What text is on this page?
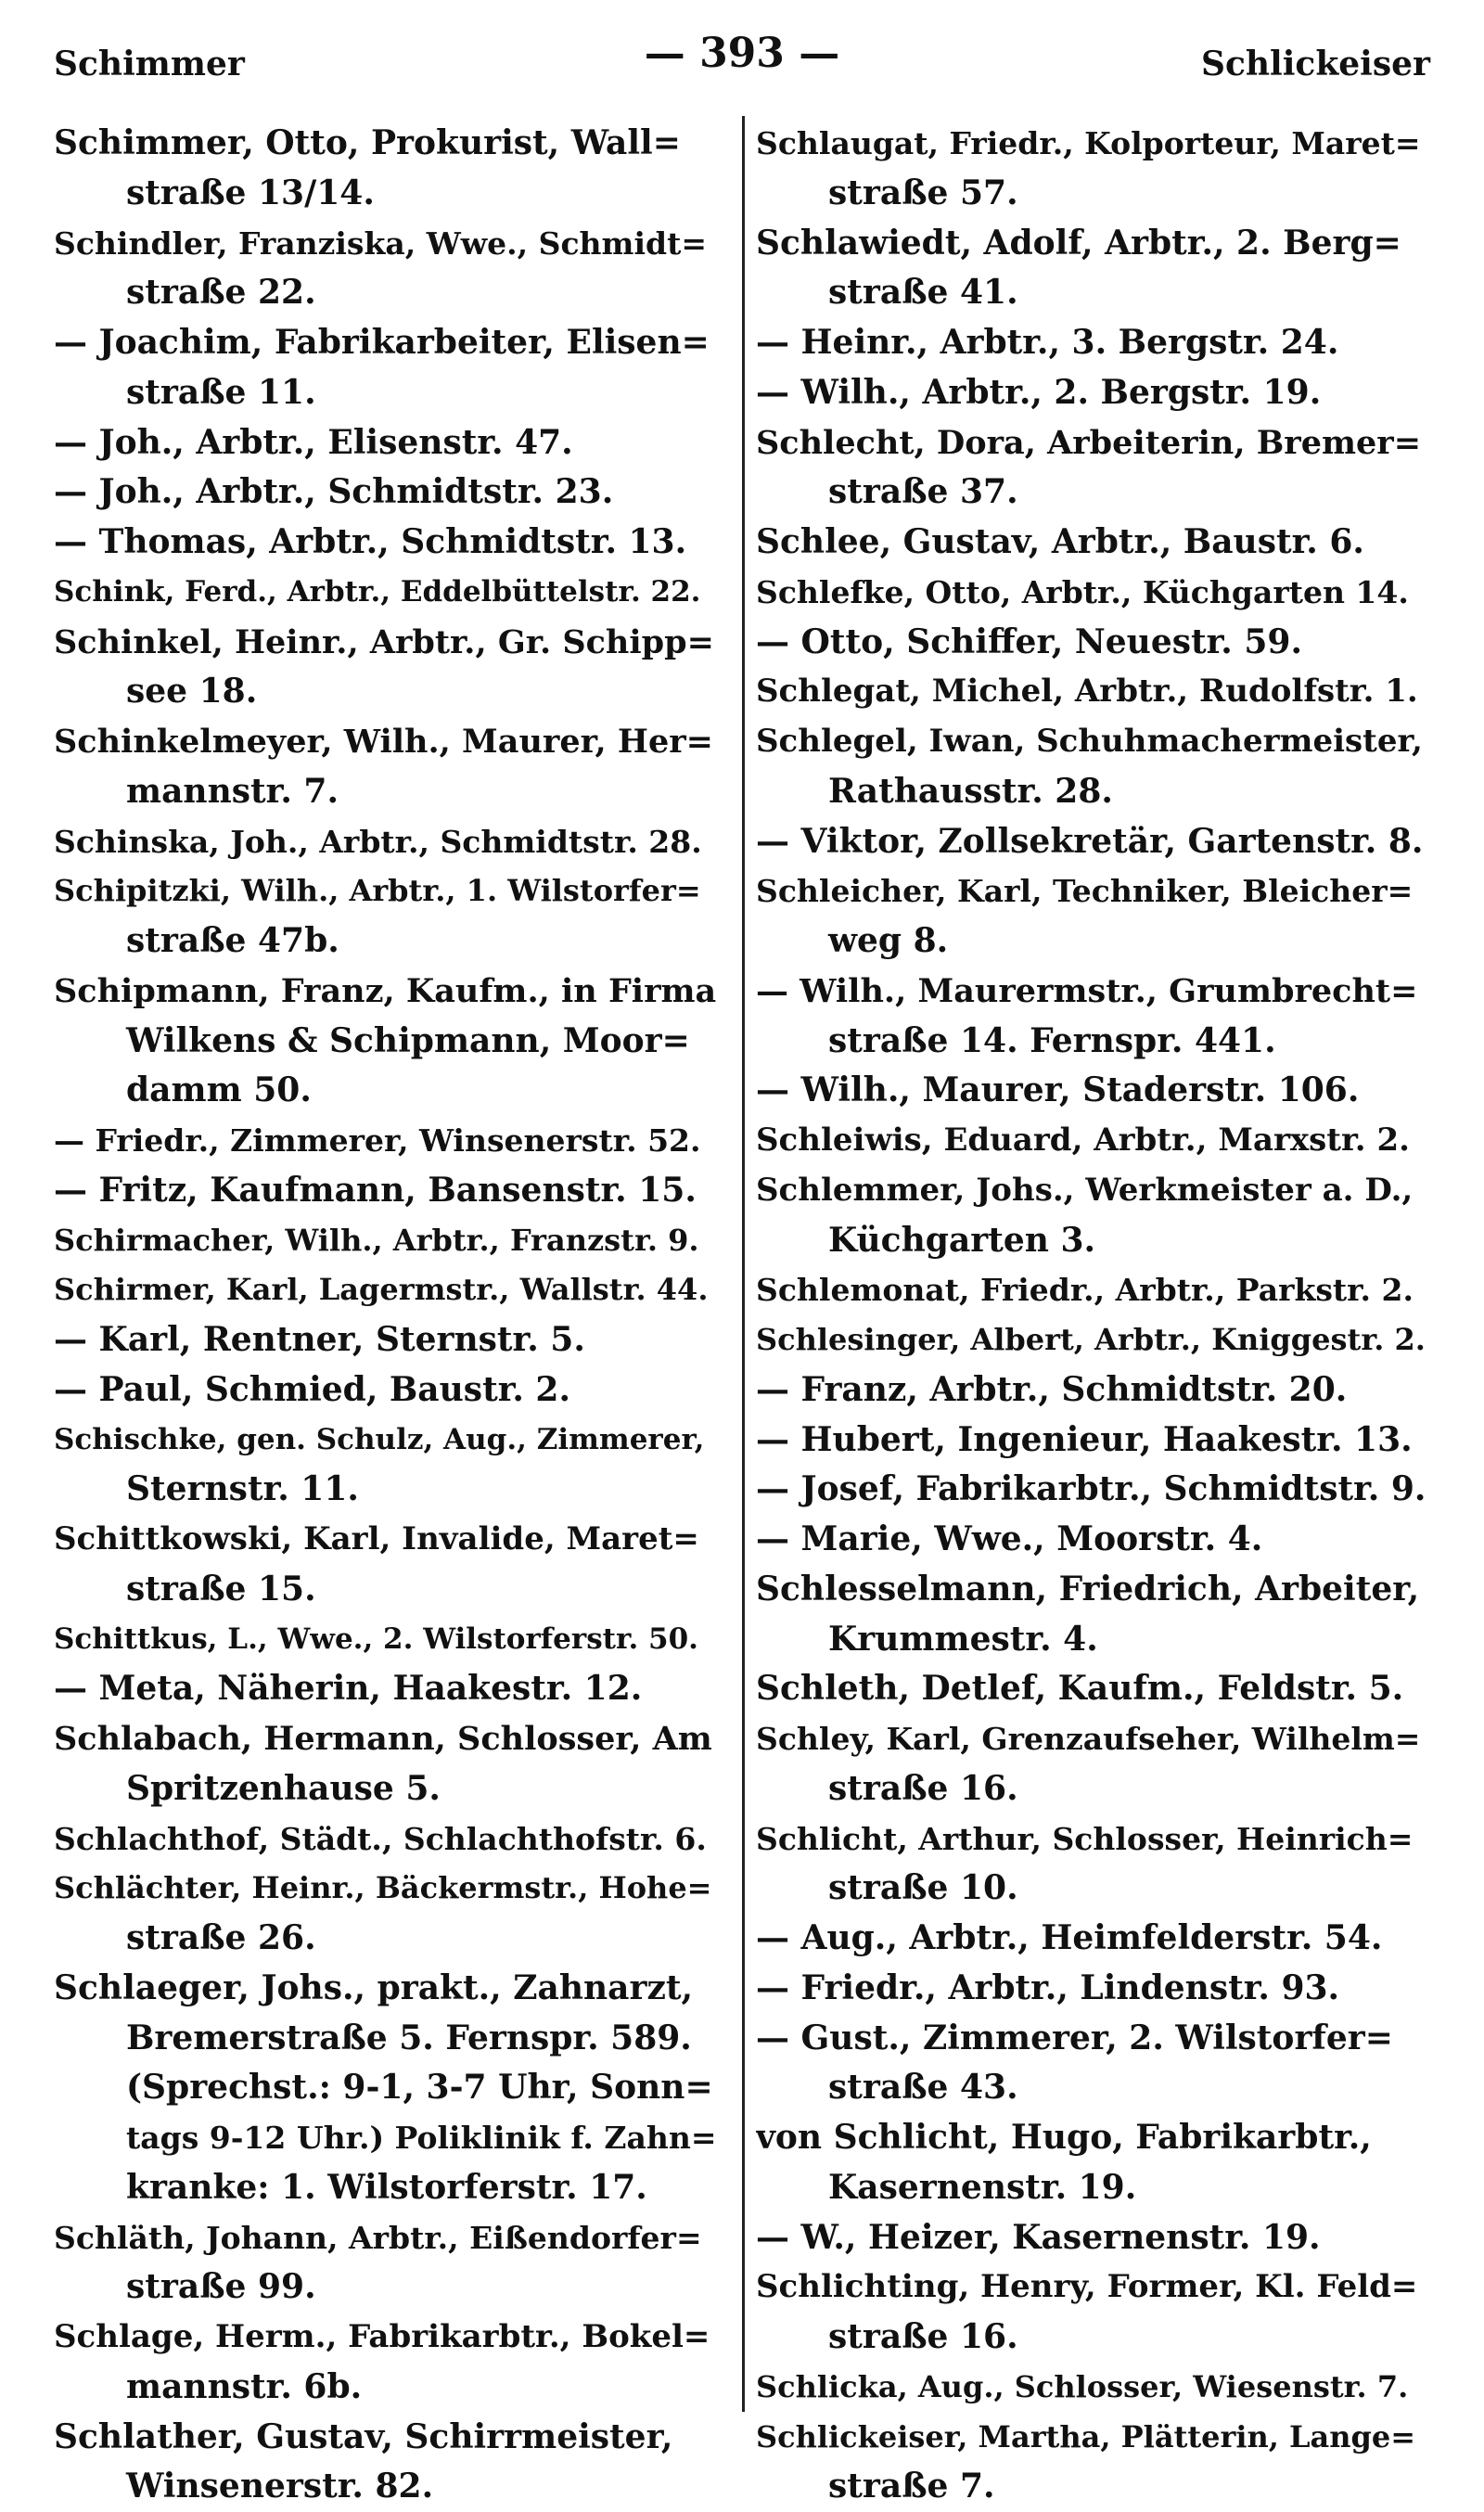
Schimmer	— 393 —	Schlickeiser
Schimmer, Otto, Prokurist, Wall=
straße 13/14.
Schindler, Franziska, Wwe., Schmidt=
straße 22.
— Joachim, Fabrikarbeiter, Elisen=
straße 11.
— Joh., Arbtr., Elisenstr. 47.
— Joh., Arbtr., Schmidtstr. 23.
— Thomas, Arbtr., Schmidtstr. 13.
Schink, Ferd., Arbtr., Eddelbüttelstr. 22.
Schinkel, Heinr., Arbtr., Gr. Schipp=
see 18.
Schinkelmeyer, Wilh., Maurer, Her=
mannstr. 7.
Schinska, Joh., Arbtr., Schmidtstr. 28.
Schipitzki, Wilh., Arbtr., 1. Wilstorfer=
straße 47b.
Schipmann, Franz, Kaufm., in Firma
Wilkens & Schipmann, Moor=
damm 50.
— Friedr., Zimmerer, Winsenerstr. 52.
— Fritz, Kaufmann, Bansenstr. 15.
Schirmacher, Wilh., Arbtr., Franzstr. 9.
Schirmer, Karl, Lagermstr., Wallstr. 44.
— Karl, Rentner, Sternstr. 5.
— Paul, Schmied, Baustr. 2.
Schischke, gen. Schulz, Aug., Zimmerer,
Sternstr. 11.
Schittkowski, Karl, Invalide, Maret=
straße 15.
Schittkus, L., Wwe., 2. Wilstorferstr. 50.
— Meta, Näherin, Haakestr. 12.
Schlabach, Hermann, Schlosser, Am
Spritzenhause 5.
Schlachthof, Städt., Schlachthofstr. 6.
Schlächter, Heinr., Bäckermstr., Hohe=
straße 26.
Schlaeger, Johs., prakt., Zahnarzt,
Bremerstraße 5. Fernspr. 589.
(Sprechst.: 9-1, 3-7 Uhr, Sonn=
tags 9-12 Uhr.) Poliklinik f. Zahn=
kranke: 1. Wilstorferstr. 17.
Schläth, Johann, Arbtr., Eißendorfer=
straße 99.
Schlage, Herm., Fabrikarbtr., Bokel=
mannstr. 6b.
Schlather, Gustav, Schirrmeister,
Winsenerstr. 82.
Schlaugat, Friedr., Kolporteur, Maret=
straße 57.
Schlawiedt, Adolf, Arbtr., 2. Berg=
straße 41.
— Heinr., Arbtr., 3. Bergstr. 24.
— Wilh., Arbtr., 2. Bergstr. 19.
Schlecht, Dora, Arbeiterin, Bremer=
straße 37.
Schlee, Gustav, Arbtr., Baustr. 6.
Schlefke, Otto, Arbtr., Küchgarten 14.
— Otto, Schiffer, Neuestr. 59.
Schlegat, Michel, Arbtr., Rudolfstr. 1.
Schlegel, Iwan, Schuhmachermeister,
Rathausstr. 28.
— Viktor, Zollsekretär, Gartenstr. 8.
Schleicher, Karl, Techniker, Bleicher=
weg 8.
— Wilh., Maurermstr., Grumbrecht=
straße 14. Fernspr. 441.
— Wilh., Maurer, Staderstr. 106.
Schleiwis, Eduard, Arbtr., Marxstr. 2.
Schlemmer, Johs., Werkmeister a. D.,
Küchgarten 3.
Schlemonat, Friedr., Arbtr., Parkstr. 2.
Schlesinger, Albert, Arbtr., Kniggestr. 2.
— Franz, Arbtr., Schmidtstr. 20.
— Hubert, Ingenieur, Haakestr. 13.
— Josef, Fabrikarbtr., Schmidtstr. 9.
— Marie, Wwe., Moorstr. 4.
Schlesselmann, Friedrich, Arbeiter,
Krummestr. 4.
Schleth, Detlef, Kaufm., Feldstr. 5.
Schley, Karl, Grenzaufseher, Wilhelm=
straße 16.
Schlicht, Arthur, Schlosser, Heinrich=
straße 10.
— Aug., Arbtr., Heimfelderstr. 54.
— Friedr., Arbtr., Lindenstr. 93.
— Gust., Zimmerer, 2. Wilstorfer=
straße 43.
von Schlicht, Hugo, Fabrikarbtr.,
Kasernenstr. 19.
— W., Heizer, Kasernenstr. 19.
Schlichting, Henry, Former, Kl. Feld=
straße 16.
Schlicka, Aug., Schlosser, Wiesenstr. 7.
Schlickeiser, Martha, Plätterin, Lange=
straße 7.
